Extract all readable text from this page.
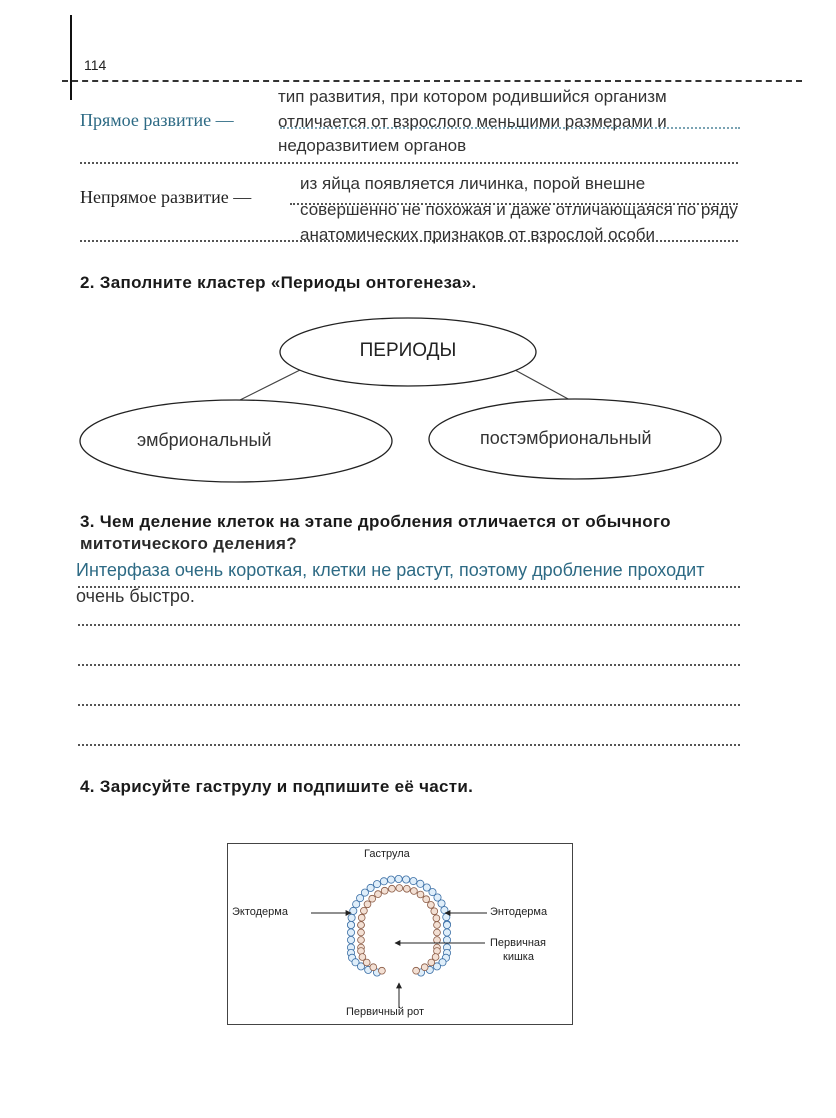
114
Прямое развитие —
тип развития, при котором родившийся организм
отличается от взрослого меньшими размерами и
недоразвитием органов
Непрямое развитие —
из яйца появляется личинка, порой внешне
совершенно не похожая и даже отличающаяся по ряду
анатомических признаков от взрослой особи
2. Заполните кластер «Периоды онтогенеза».
ПЕРИОДЫ
эмбриональный	постэмбриональный
3. Чем деление клеток на этапе дробления отличается от обычного
митотического деления?
Интерфаза очень короткая, клетки не растут, поэтому дробление проходит
очень быстро.
4. Зарисуйте гаструлу и подпишите её части.
Гаструла
Эктодерма	Энтодерма
Первичная
кишка
Первичный рот
